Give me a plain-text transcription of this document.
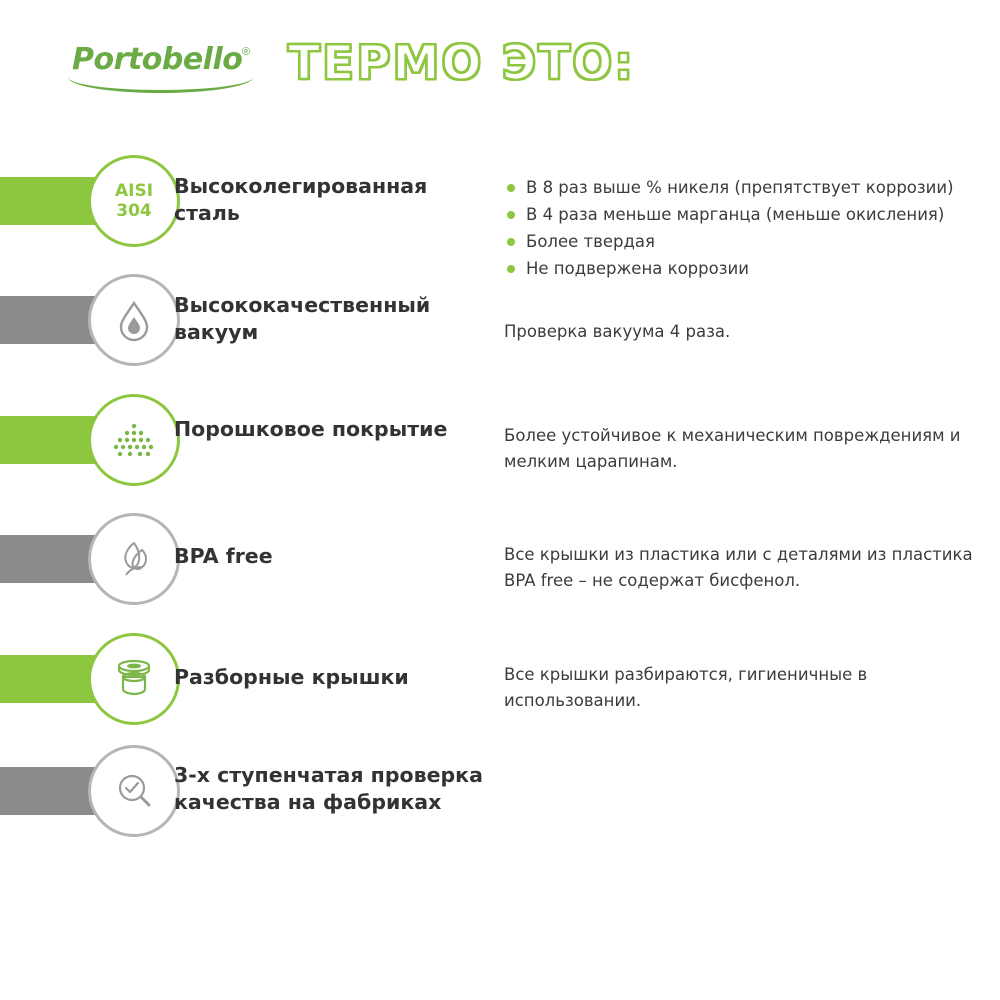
Portobello ® ТЕРМО ЭТО:
AISI
304
Высоколегированная сталь
В 8 раз выше % никеля (препятствует коррозии)
В 4 раза меньше марганца (меньше окисления)
Более твердая
Не подвержена коррозии
Высококачественный вакуум	Проверка вакуума 4 раза.
Порошковое покрытие	Более устойчивое к механическим повреждениям и мелким царапинам.
BPA free	Все крышки из пластика или с деталями из пластика BPA free – не содержат бисфенол.
Разборные крышки	Все крышки разбираются, гигиеничные в использовании.
3-х ступенчатая проверка качества на фабриках
